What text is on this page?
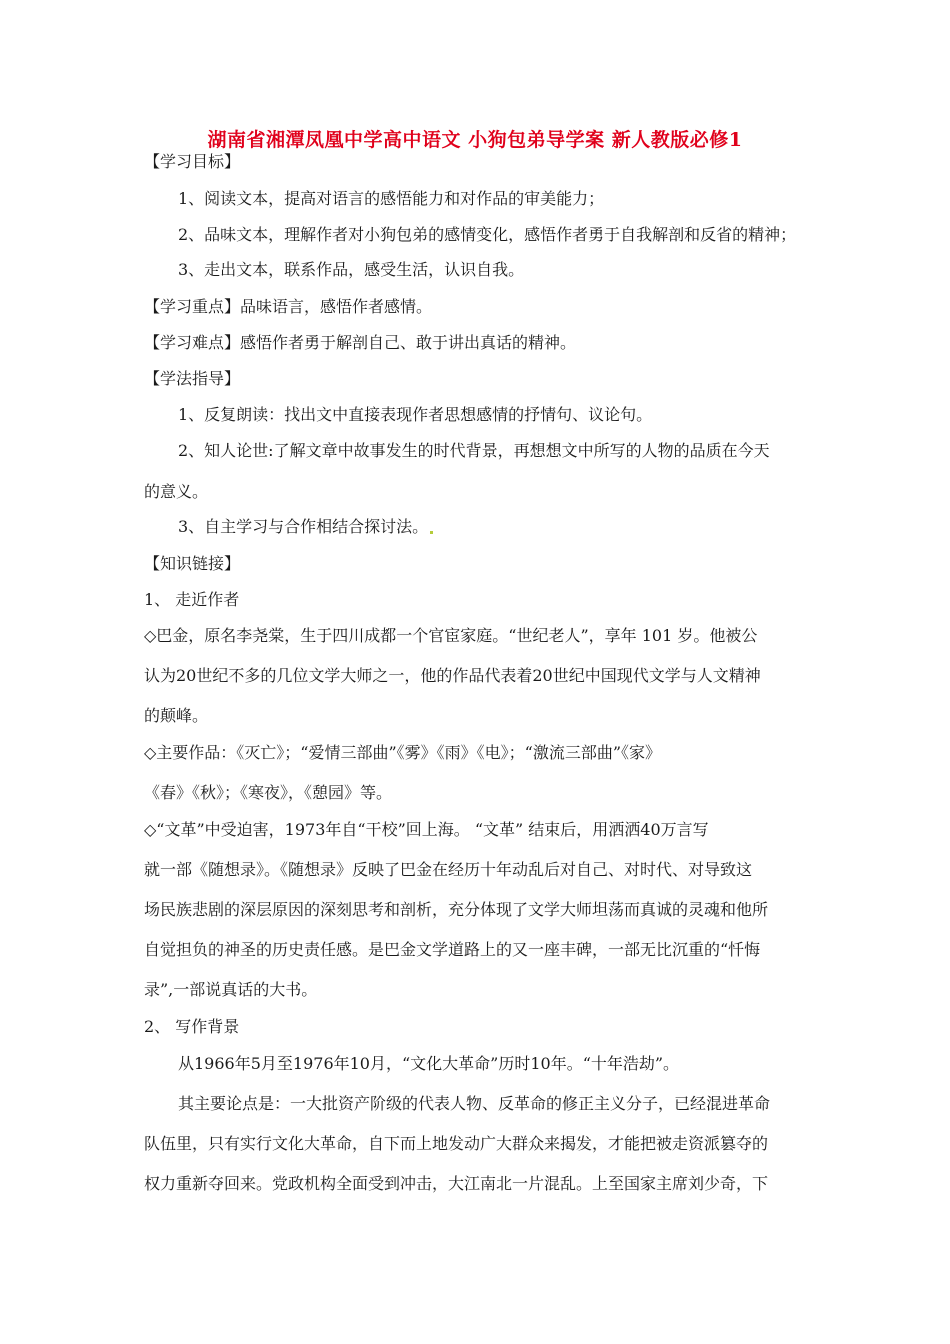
湖南省湘潭凤凰中学高中语文 小狗包弟导学案 新人教版必修1
【学习目标】
1、阅读文本，提高对语言的感悟能力和对作品的审美能力；
2、品味文本，理解作者对小狗包弟的感情变化，感悟作者勇于自我解剖和反省的精神；
3、走出文本，联系作品，感受生活，认识自我。
【学习重点】品味语言，感悟作者感情。
【学习难点】感悟作者勇于解剖自己、敢于讲出真话的精神。
【学法指导】
1、反复朗读：找出文中直接表现作者思想感情的抒情句、议论句。
2、知人论世:了解文章中故事发生的时代背景，再想想文中所写的人物的品质在今天
的意义。
3、自主学习与合作相结合探讨法。
【知识链接】
1、 走近作者
◇巴金，原名李尧棠，生于四川成都一个官宦家庭。“世纪老人”，享年 101 岁。他被公
认为20世纪不多的几位文学大师之一，他的作品代表着20世纪中国现代文学与人文精神
的颠峰。
◇主要作品：《灭亡》；“爱情三部曲”《雾》《雨》《电》；“激流三部曲”《家》
《春》《秋》；《寒夜》，《憩园》等。
◇“文革”中受迫害，1973年自“干校”回上海。 “文革” 结束后，用洒洒40万言写
就一部《随想录》。《随想录》反映了巴金在经历十年动乱后对自己、对时代、对导致这
场民族悲剧的深层原因的深刻思考和剖析，充分体现了文学大师坦荡而真诚的灵魂和他所
自觉担负的神圣的历史责任感。是巴金文学道路上的又一座丰碑，一部无比沉重的“忏悔
录”,一部说真话的大书。
2、 写作背景
从1966年5月至1976年10月，“文化大革命”历时10年。“十年浩劫”。
其主要论点是：一大批资产阶级的代表人物、反革命的修正主义分子，已经混进革命
队伍里，只有实行文化大革命，自下而上地发动广大群众来揭发，才能把被走资派篡夺的
权力重新夺回来。党政机构全面受到冲击，大江南北一片混乱。上至国家主席刘少奇，下
